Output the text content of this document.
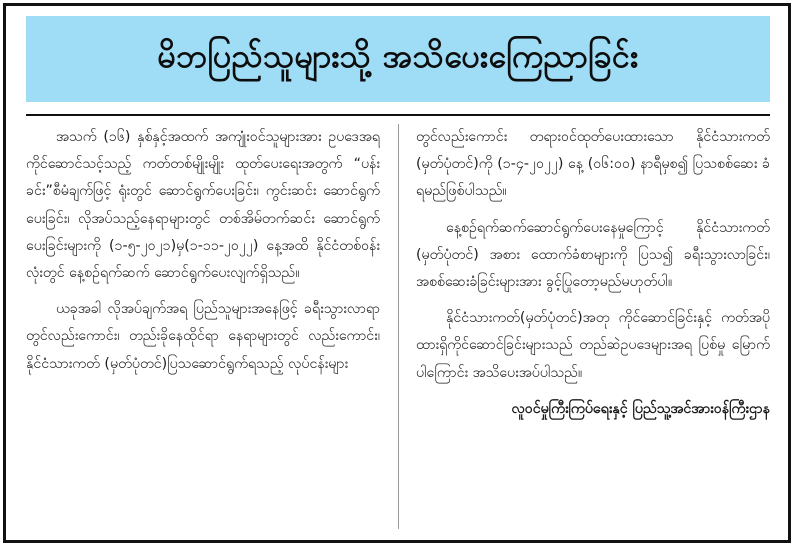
မိဘပြည်သူများသို့ အသိပေးကြေညာခြင်း

အသက် (၁၆) နှစ်နှင့်အထက် အကျုံးဝင်သူများအား ဥပဒေအရ ကိုင်ဆောင်သင့်သည့် ကတ်တစ်မျိုးမျိုး ထုတ်ပေးရေးအတွက် “ပန်းခင်း”စီမံချက်ဖြင့် ရုံးတွင် ဆောင်ရွက်ပေးခြင်း၊ ကွင်းဆင်း ဆောင်ရွက်ပေးခြင်း၊ လိုအပ်သည့်နေရာများတွင် တစ်အိမ်တက်ဆင်း ဆောင်ရွက်ပေးခြင်းများကို (၁-၅-၂၀၂၁)မှ(၁-၁၁-၂၀၂၂) နေ့အထိ နိုင်ငံတစ်ဝန်းလုံးတွင် နေ့စဉ်ရက်ဆက် ဆောင်ရွက်ပေးလျက်ရှိသည်။

ယခုအခါ လိုအပ်ချက်အရ ပြည်သူများအနေဖြင့် ခရီးသွားလာရာ တွင်လည်းကောင်း၊ တည်းခိုနေထိုင်ရာ နေရာများတွင် လည်းကောင်း၊ နိုင်ငံသားကတ် (မှတ်ပုံတင်)ပြသဆောင်ရွက်ရသည့် လုပ်ငန်းများ

တွင်လည်းကောင်း တရားဝင်ထုတ်ပေးထားသော နိုင်ငံသားကတ် (မှတ်ပုံတင်)ကို (၁-၄-၂၀၂၂) နေ့ (၀၆:၀၀) နာရီမှစ၍ ပြသစစ်ဆေး ခံရမည်ဖြစ်ပါသည်။

နေ့စဉ်ရက်ဆက်ဆောင်ရွက်ပေးနေမှုကြောင့် နိုင်ငံသားကတ် (မှတ်ပုံတင်) အစား ထောက်ခံစာများကို ပြသ၍ ခရီးသွားလာခြင်း၊ အစစ်ဆေးခံခြင်းများအား ခွင့်ပြုတော့မည်မဟုတ်ပါ။

နိုင်ငံသားကတ်(မှတ်ပုံတင်)အတု ကိုင်ဆောင်ခြင်းနှင့် ကတ်အပို ထားရှိကိုင်ဆောင်ခြင်းများသည် တည်ဆဲဥပဒေများအရ ပြစ်မှု မြောက်ပါကြောင်း အသိပေးအပ်ပါသည်။

လူဝင်မှုကြီးကြပ်ရေးနှင့် ပြည်သူ့အင်အားဝန်ကြီးဌာန
